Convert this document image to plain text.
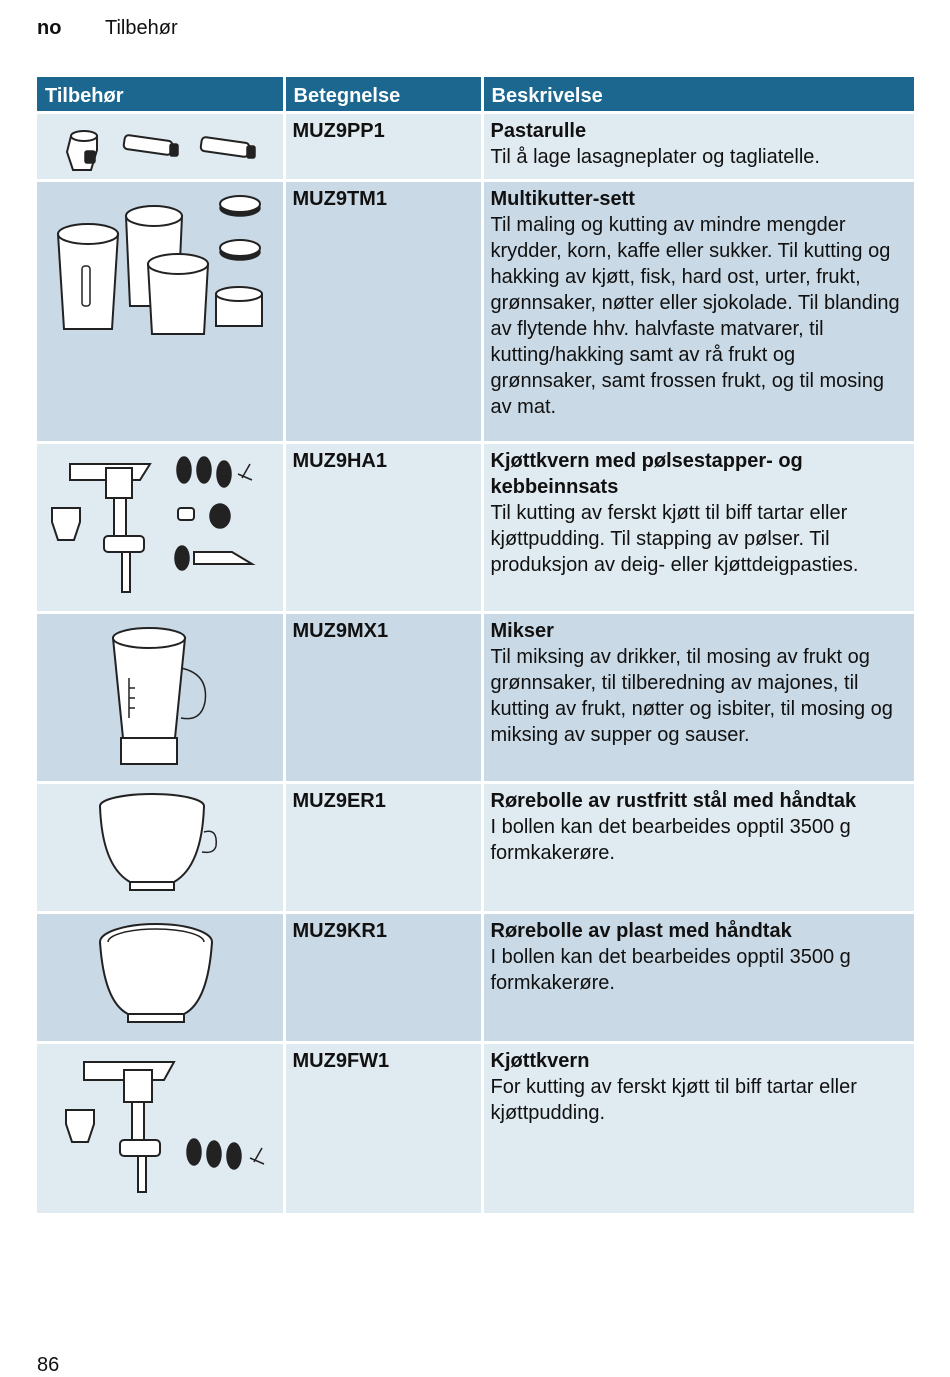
no	Tilbehør
Tilbehør	Betegnelse	Beskrivelse

	MUZ9PP1	Pastarulle
Til å lage lasagneplater og tagliatelle.

	MUZ9TM1	Multikutter-sett
Til maling og kutting av mindre mengder krydder, korn, kaffe eller sukker. Til kutting og hakking av kjøtt, fisk, hard ost, urter, frukt, grønnsaker, nøtter eller sjokolade. Til blanding av flytende hhv. halvfaste matvarer, til kutting/hakking samt av rå frukt og grønnsaker, samt frossen frukt, og til mosing av mat.

	MUZ9HA1	Kjøttkvern med pølsestapper- og kebbeinnsats
Til kutting av ferskt kjøtt til biff tartar eller kjøttpudding. Til stapping av pølser. Til produksjon av deig- eller kjøttdeigpasties.

	MUZ9MX1	Mikser
Til miksing av drikker, til mosing av frukt og grønnsaker, til tilberedning av majones, til kutting av frukt, nøtter og isbiter, til mosing og miksing av supper og sauser.

	MUZ9ER1	Rørebolle av rustfritt stål med håndtak
I bollen kan det bearbeides opptil 3500 g formkakerøre.

	MUZ9KR1	Rørebolle av plast med håndtak
I bollen kan det bearbeides opptil 3500 g formkakerøre.

	MUZ9FW1	Kjøttkvern
For kutting av ferskt kjøtt til biff tartar eller kjøttpudding.
86
